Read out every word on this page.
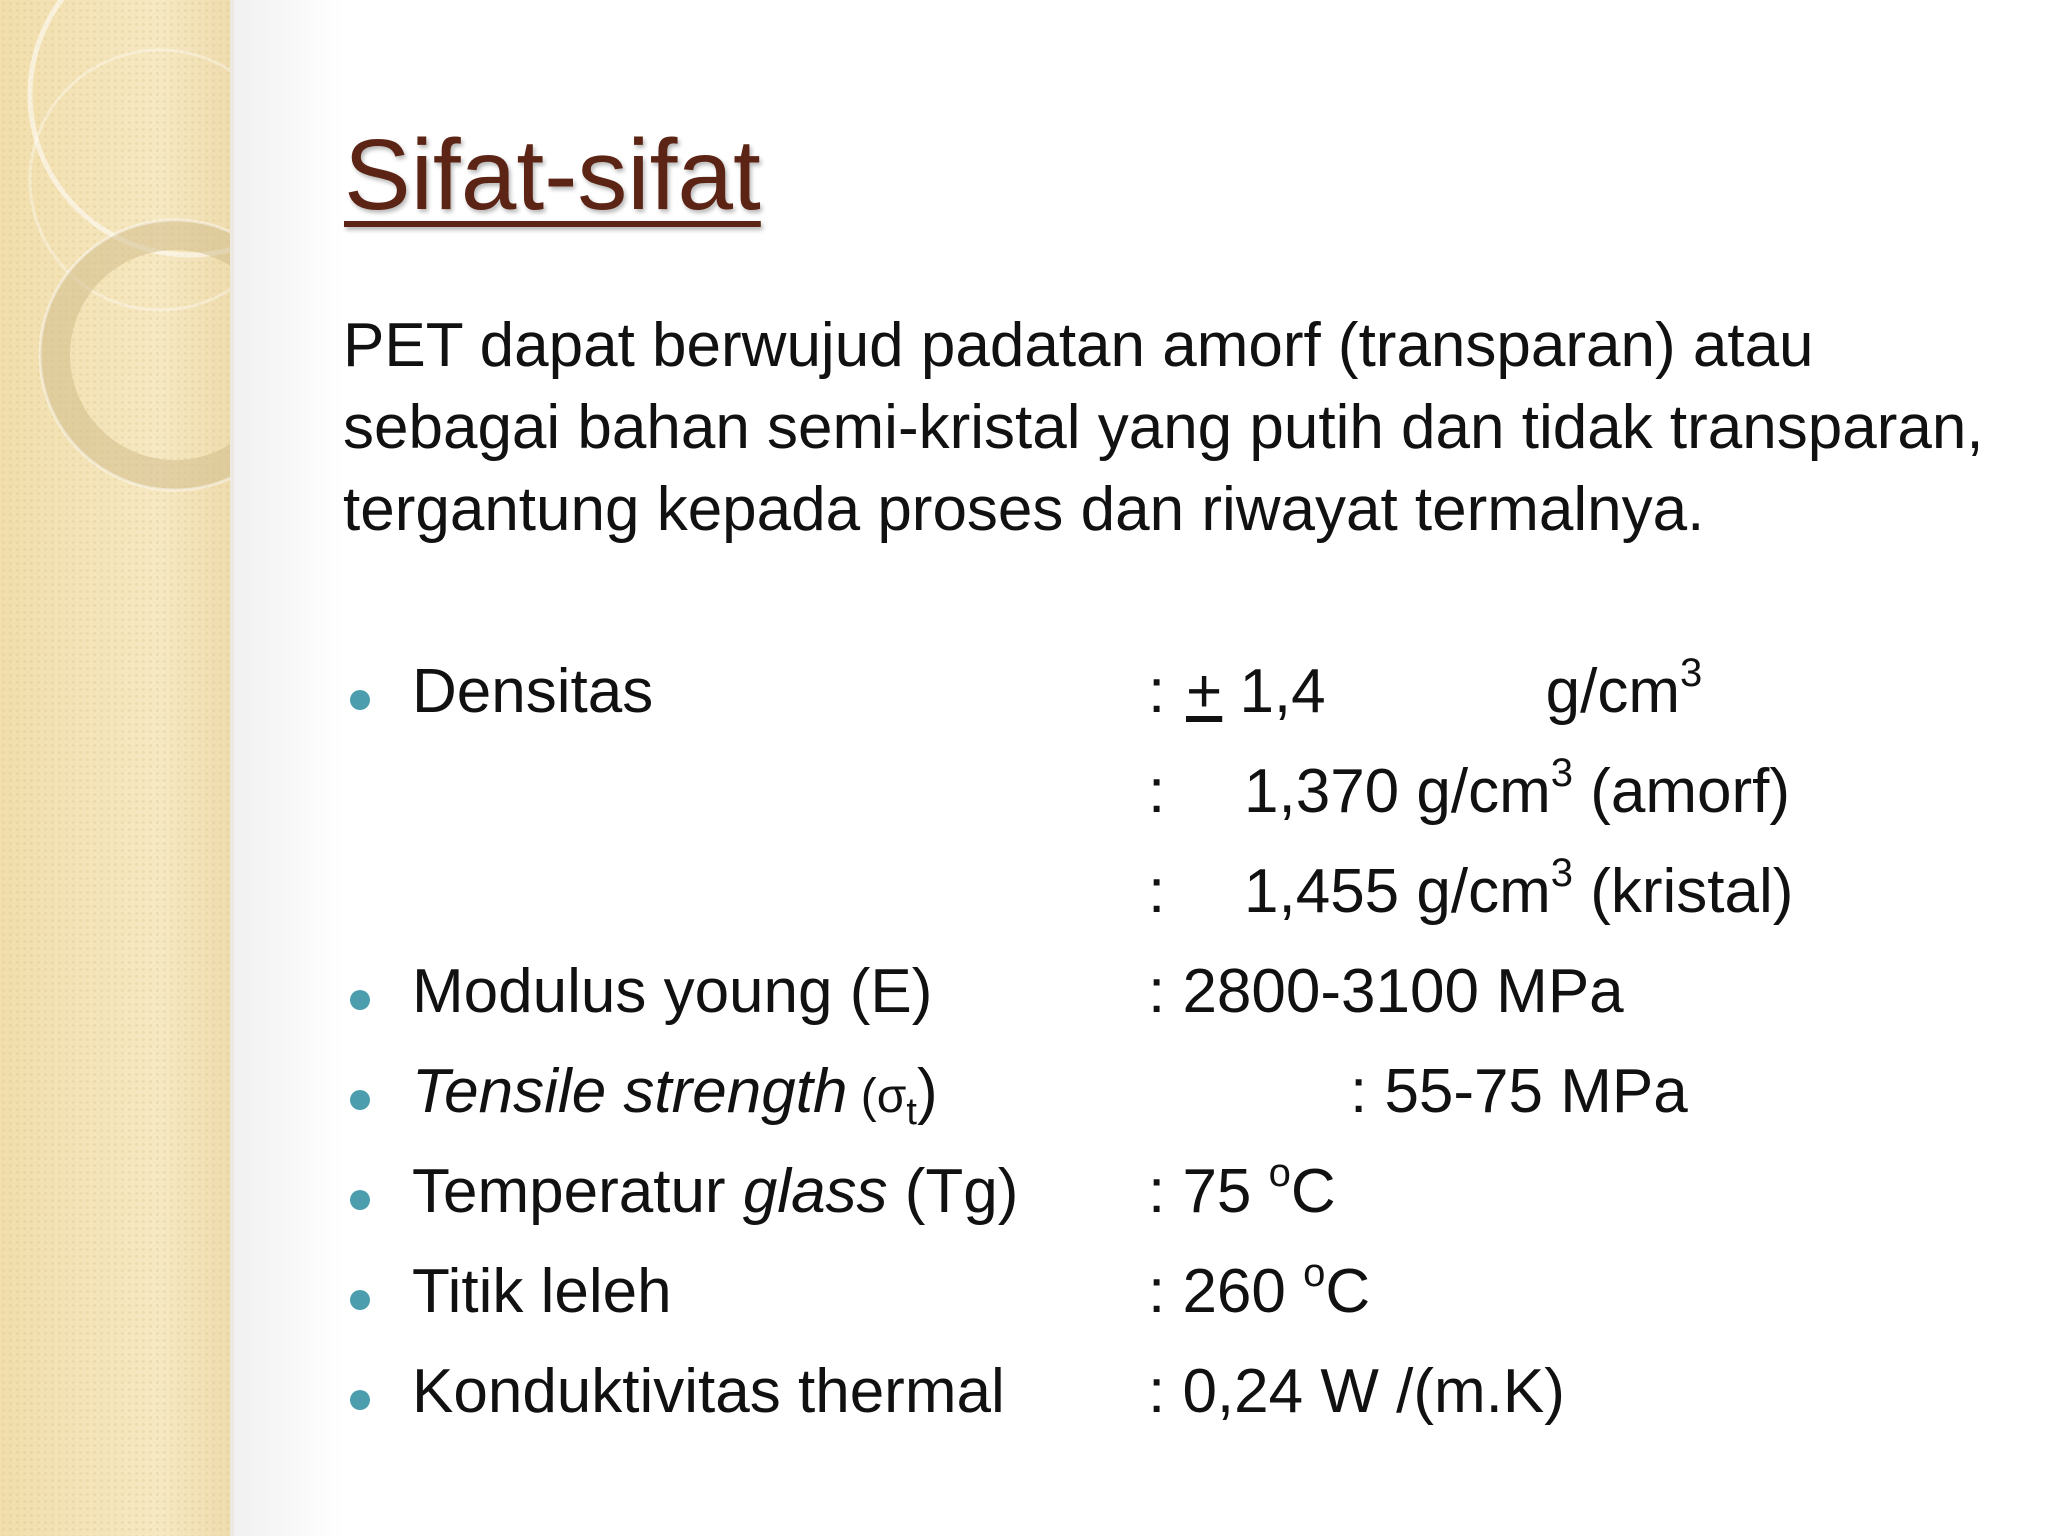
Sifat-sifat

PET dapat berwujud padatan amorf (transparan) atau sebagai bahan semi-kristal yang putih dan tidak transparan, tergantung kepada proses dan riwayat termalnya.

Densitas	: + 1,4	$g/cm^3$
: 1,370 $g/cm^3$ (amorf)
: 1,455 $g/cm^3$ (kristal)
Modulus young (E)	: 2800-3100 MPa
Tensile strength (σt)	: 55-75 MPa
Temperatur glass (Tg) : 75 $^o$C
Titik leleh	: 260 $^o$C
Konduktivitas thermal : 0,24 W /(m.K)
